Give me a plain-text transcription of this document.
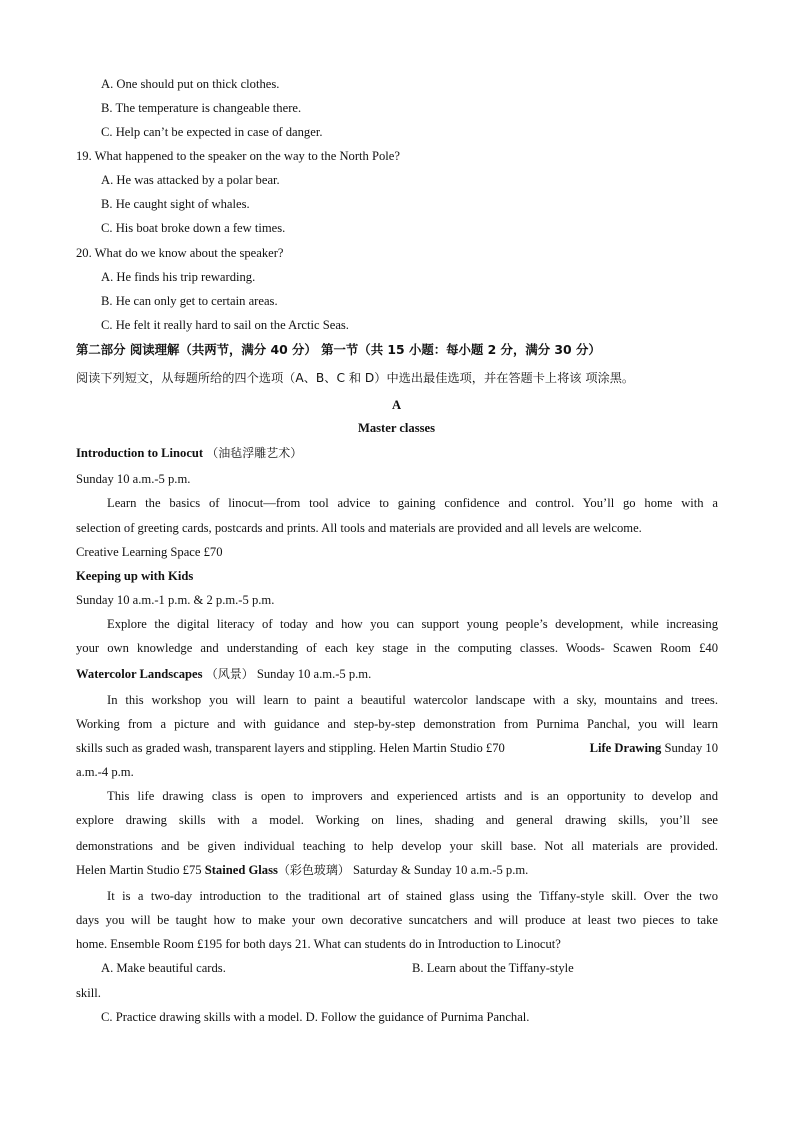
A. One should put on thick clothes.
B. The temperature is changeable there.
C. Help can’t be expected in case of danger.
19. What happened to the speaker on the way to the North Pole?
A. He was attacked by a polar bear.
B. He caught sight of whales.
C. His boat broke down a few times.
20. What do we know about the speaker?
A. He finds his trip rewarding.
B. He can only get to certain areas.
C. He felt it really hard to sail on the Arctic Seas.
第二部分 阅读理解（共两节，满分 40 分） 第一节（共 15 小题：每小题 2 分，满分 30 分）
阅读下列短文，从每题所给的四个选项（A、B、C 和 D）中选出最佳选项，并在答题卡上将该 项涂黑。
A
Master classes
Introduction to Linocut （油毡浮雕艺术）
Sunday 10 a.m.-5 p.m.
Learn the basics of linocut—from tool advice to gaining confidence and control. You’ll go home with a
selection of greeting cards, postcards and prints. All tools and materials are provided and all levels are welcome.
Creative Learning Space £70
Keeping up with Kids
Sunday 10 a.m.-1 p.m. & 2 p.m.-5 p.m.
Explore the digital literacy of today and how you can support young people’s development, while increasing
your own knowledge and understanding of each key stage in the computing classes. Woods- Scawen Room £40
Watercolor Landscapes （风景） Sunday 10 a.m.-5 p.m.
In this workshop you will learn to paint a beautiful watercolor landscape with a sky, mountains and trees.
Working from a picture and with guidance and step-by-step demonstration from Purnima Panchal, you will learn
skills such as graded wash, transparent layers and stippling. Helen Martin Studio £70	Life Drawing Sunday 10
a.m.-4 p.m.
This life drawing class is open to improvers and experienced artists and is an opportunity to develop and
explore drawing skills with a model. Working on lines, shading and general drawing skills, you’ll see
demonstrations and be given individual teaching to help develop your skill base. Not all materials are provided.
Helen Martin Studio £75 Stained Glass（彩色玻璃） Saturday & Sunday 10 a.m.-5 p.m.
It is a two-day introduction to the traditional art of stained glass using the Tiffany-style skill. Over the two
days you will be taught how to make your own decorative suncatchers and will produce at least two pieces to take
home. Ensemble Room £195 for both days 21. What can students do in Introduction to Linocut?
A. Make beautiful cards.	B. Learn about the Tiffany-style
skill.
C. Practice drawing skills with a model. D. Follow the guidance of Purnima Panchal.
